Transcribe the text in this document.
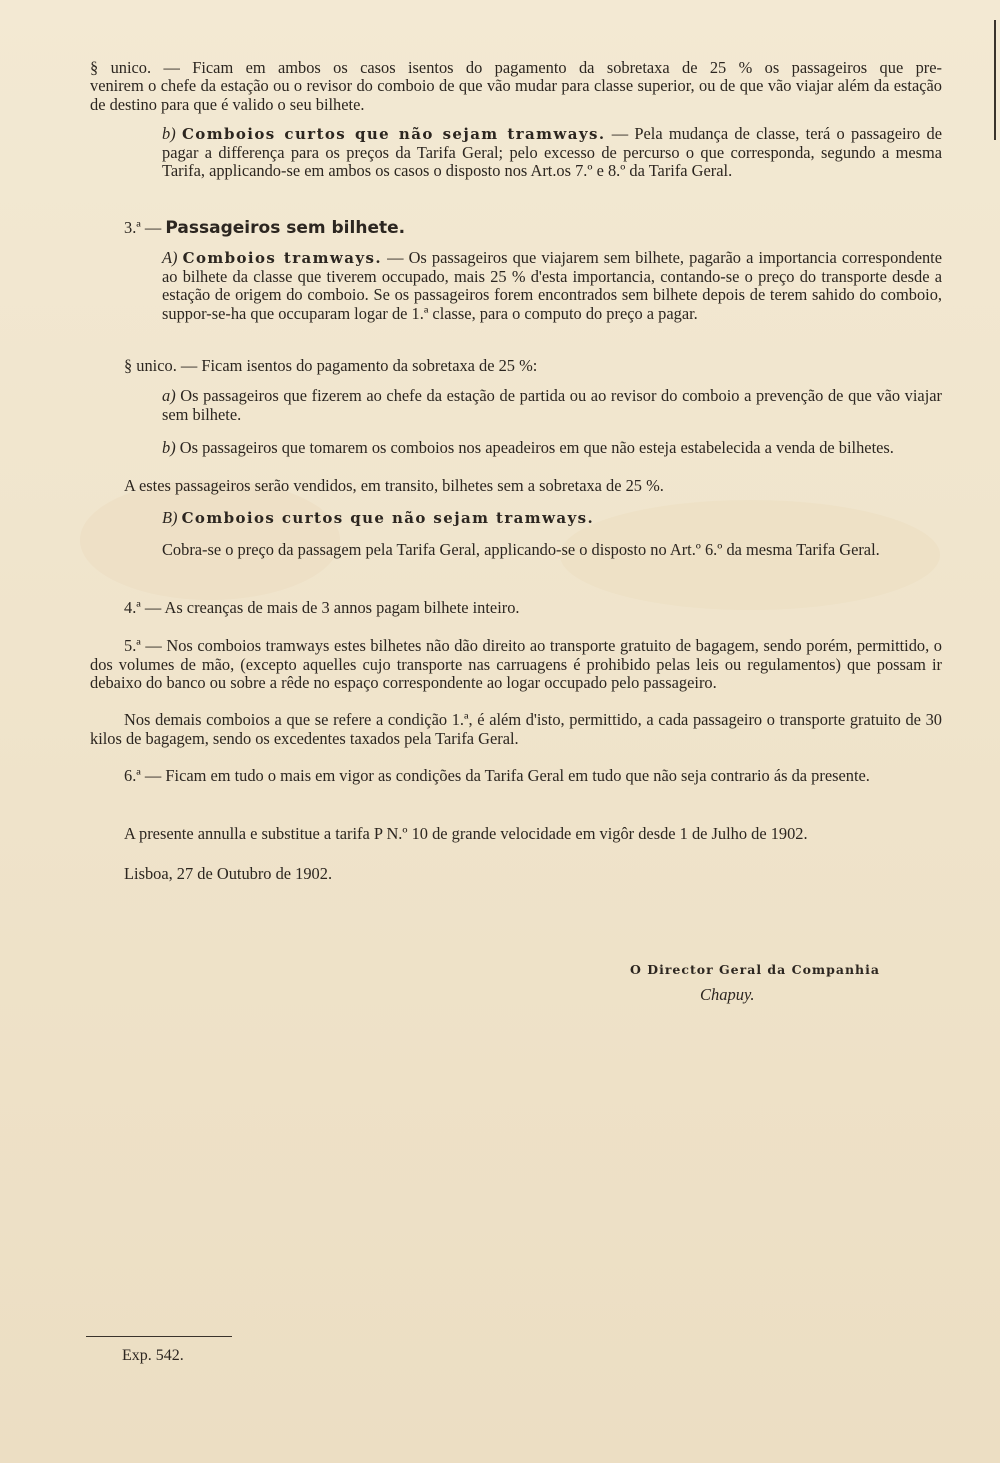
§ unico. — Ficam em ambos os casos isentos do pagamento da sobretaxa de 25 % os passageiros que pre-

venirem o chefe da estação ou o revisor do comboio de que vão mudar para classe superior, ou de que vão viajar além da estação de destino para que é valido o seu bilhete.

b) Comboios curtos que não sejam tramways. — Pela mudança de classe, terá o passageiro de pagar a differença para os preços da Tarifa Geral; pelo excesso de percurso o que corresponda, segundo a mesma Tarifa, applicando-se em ambos os casos o disposto nos Art.os 7.º e 8.º da Tarifa Geral.

3.ª — Passageiros sem bilhete.

A) Comboios tramways. — Os passageiros que viajarem sem bilhete, pagarão a importancia correspondente ao bilhete da classe que tiverem occupado, mais 25 % d'esta importancia, contando-se o preço do transporte desde a estação de origem do comboio. Se os passageiros forem encontrados sem bilhete depois de terem sahido do comboio, suppor-se-ha que occuparam logar de 1.ª classe, para o computo do preço a pagar.

§ unico. — Ficam isentos do pagamento da sobretaxa de 25 %:

a) Os passageiros que fizerem ao chefe da estação de partida ou ao revisor do comboio a prevenção de que vão viajar sem bilhete.

b) Os passageiros que tomarem os comboios nos apeadeiros em que não esteja estabelecida a venda de bilhetes.

A estes passageiros serão vendidos, em transito, bilhetes sem a sobretaxa de 25 %.

B) Comboios curtos que não sejam tramways.

Cobra-se o preço da passagem pela Tarifa Geral, applicando-se o disposto no Art.º 6.º da mesma Tarifa Geral.

4.ª — As creanças de mais de 3 annos pagam bilhete inteiro.

5.ª — Nos comboios tramways estes bilhetes não dão direito ao transporte gratuito de bagagem, sendo porém, permittido, o dos volumes de mão, (excepto aquelles cujo transporte nas carruagens é prohibido pelas leis ou regulamentos) que possam ir debaixo do banco ou sobre a rêde no espaço correspondente ao logar occupado pelo passageiro.

Nos demais comboios a que se refere a condição 1.ª, é além d'isto, permittido, a cada passageiro o transporte gratuito de 30 kilos de bagagem, sendo os excedentes taxados pela Tarifa Geral.

6.ª — Ficam em tudo o mais em vigor as condições da Tarifa Geral em tudo que não seja contrario ás da presente.

A presente annulla e substitue a tarifa P N.º 10 de grande velocidade em vigôr desde 1 de Julho de 1902.

Lisboa, 27 de Outubro de 1902.

O Director Geral da Companhia
Chapuy.
Exp. 542.
